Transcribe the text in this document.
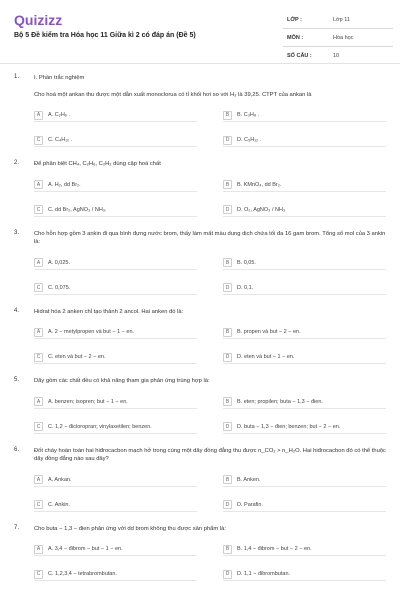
Quizizz
Bộ 5 Đề kiểm tra Hóa học 11 Giữa kì 2 có đáp án (Đề 5)
LỚP :	Lớp 11
MÔN :	Hóa học
SỐ CÂU :	10
1.	I. Phần trắc nghiệm
Cho hoá một ankan thu được một dẫn xuất monoclorua có tỉ khối hơi so với H₂ là 39,25. CTPT của ankan là
A	A. C₂H₆ .	B	B. C₃H₈ .
C	C. C₄H₁₀ .	D	D. C₅H₁₂ .
2.	Để phân biệt CH₄, C₂H₆, C₂H₂ dùng cặp hoá chất
A	A. H₂, dd Br₂.	B	B. KMnO₄, dd Br₂.
C	C. dd Br₂, AgNO₃ / NH₃.	D	D. O₂, AgNO₃ / NH₃
3.	Cho hỗn hợp gồm 3 ankin đi qua bình đựng nước brom, thấy làm mất màu dung dịch chứa tối đa 16 gam brom. Tổng số mol của 3 ankin là:
A	A. 0,025.	B	B. 0,05.
C	C. 0,075.	D	D. 0,1.
4.	Hidrat hóa 2 anken chỉ tạo thành 2 ancol. Hai anken đó là:
A	A. 2 − metylpropen và but − 1 − en.	B	B. propen và but − 2 − en.
C	C. eten và but − 2 − en.	D	D. eten và but − 1 − en.
5.	Dãy gồm các chất đều có khả năng tham gia phản ứng trùng hợp là:
A	A. benzen; isopren; but − 1 − en.	B	B. eten; propilen; buta − 1,3 − đien.
C	C. 1,2 − đicloropran; vinylaxetilen; benzen.	D	D. buta − 1,3 − đien; benzen; but − 2 − en.
6.	Đốt cháy hoàn toàn hai hiđrocacbon mạch hở trong cùng một dãy đồng đẳng thu được n_CO₂ > n_H₂O. Hai hiđrocacbon đó có thể thuộc dãy đồng đẳng nào sau đây?
A	A. Ankan.	B	B. Anken.
C	C. Ankin.	D	D. Parafin.
7.	Cho buta − 1,3 − đien phản ứng với dd brom không thu được sản phẩm là:
A	A. 3,4 − đibrom − but − 1 − en.	B	B. 1,4 − đibrom − but − 2 − en.
C	C. 1,2,3,4 − tetrabrombutan.	D	D. 1,1 − đibrombutan.
